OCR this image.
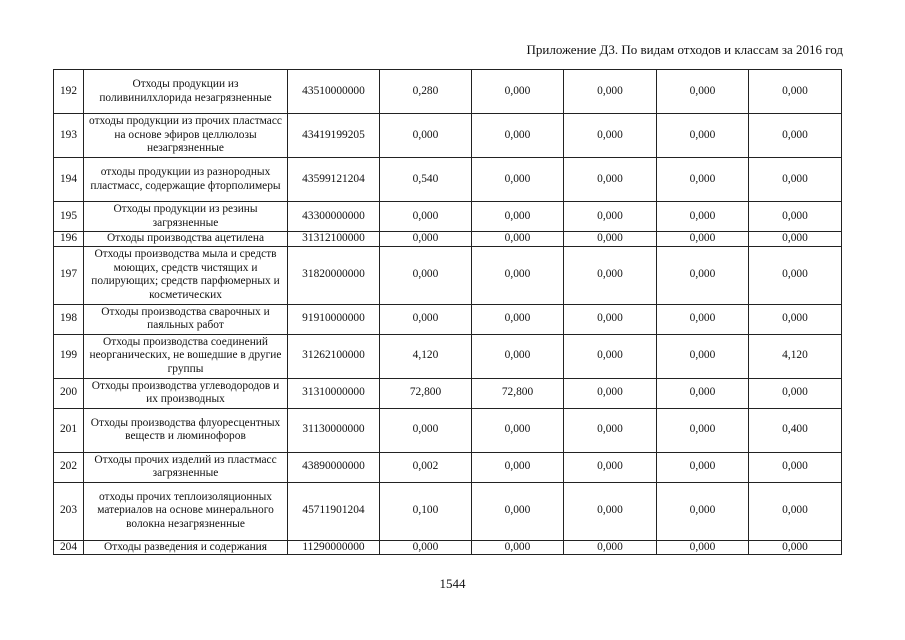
Приложение Д3. По видам отходов и классам за 2016 год
192	Отходы продукции из поливинилхлорида незагрязненные	43510000000	0,280	0,000	0,000	0,000	0,000
193	отходы продукции из прочих пластмасс на основе эфиров целлюлозы незагрязненные	43419199205	0,000	0,000	0,000	0,000	0,000
194	отходы продукции из разнородных пластмасс, содержащие фторполимеры	43599121204	0,540	0,000	0,000	0,000	0,000
195	Отходы продукции из резины загрязненные	43300000000	0,000	0,000	0,000	0,000	0,000
196	Отходы производства ацетилена	31312100000	0,000	0,000	0,000	0,000	0,000
197	Отходы производства мыла и средств моющих, средств чистящих и полирующих; средств парфюмерных и косметических	31820000000	0,000	0,000	0,000	0,000	0,000
198	Отходы производства сварочных и паяльных работ	91910000000	0,000	0,000	0,000	0,000	0,000
199	Отходы производства соединений неорганических, не вошедшие в другие группы	31262100000	4,120	0,000	0,000	0,000	4,120
200	Отходы производства углеводородов и их производных	31310000000	72,800	72,800	0,000	0,000	0,000
201	Отходы производства флуоресцентных веществ и люминофоров	31130000000	0,000	0,000	0,000	0,000	0,400
202	Отходы прочих изделий из пластмасс загрязненные	43890000000	0,002	0,000	0,000	0,000	0,000
203	отходы прочих теплоизоляционных материалов на основе минерального волокна незагрязненные	45711901204	0,100	0,000	0,000	0,000	0,000
204	Отходы разведения и содержания	11290000000	0,000	0,000	0,000	0,000	0,000
1544
